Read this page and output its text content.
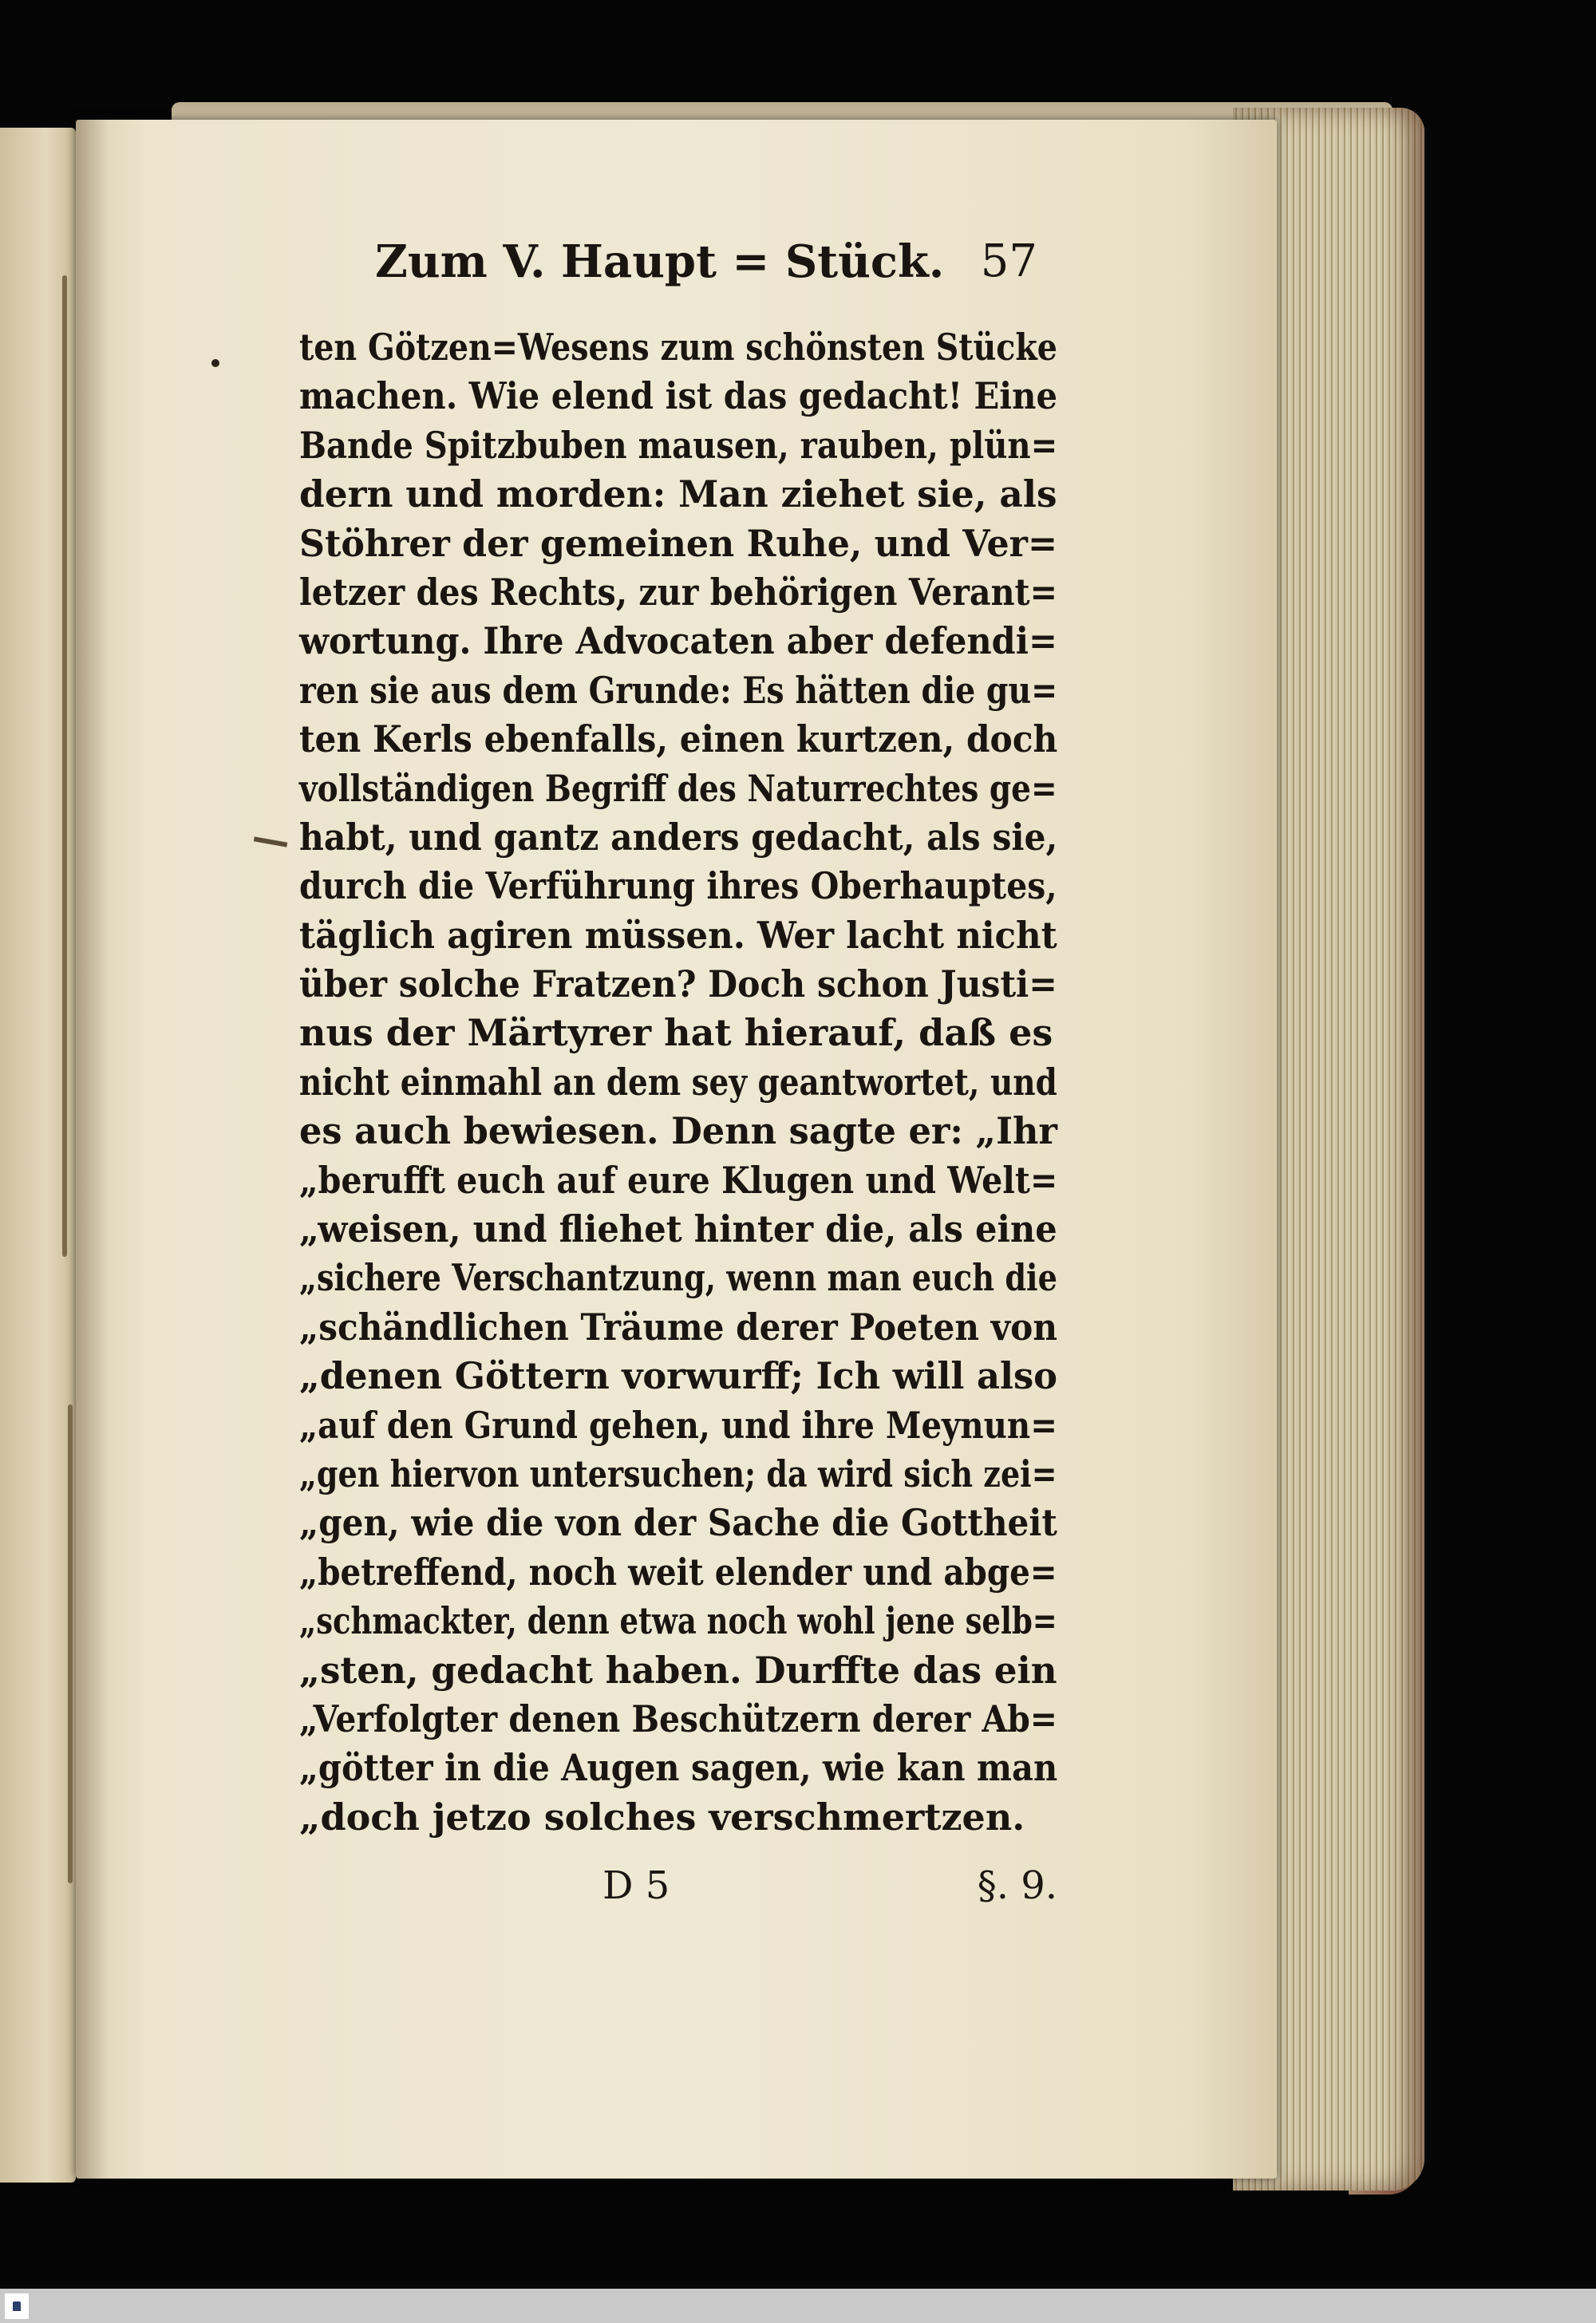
Zum V. Haupt = Stück. 57
ten Götzen=Wesens zum schönsten Stücke
machen. Wie elend ist das gedacht! Eine
Bande Spitzbuben mausen, rauben, plün=
dern und morden: Man ziehet sie, als
Stöhrer der gemeinen Ruhe, und Ver=
letzer des Rechts, zur behörigen Verant=
wortung. Ihre Advocaten aber defendi=
ren sie aus dem Grunde: Es hätten die gu=
ten Kerls ebenfalls, einen kurtzen, doch
vollständigen Begriff des Naturrechtes ge=
habt, und gantz anders gedacht, als sie,
durch die Verführung ihres Oberhauptes,
täglich agiren müssen. Wer lacht nicht
über solche Fratzen? Doch schon Justi=
nus der Märtyrer hat hierauf, daß es
nicht einmahl an dem sey geantwortet, und
es auch bewiesen. Denn sagte er: „Ihr
„berufft euch auf eure Klugen und Welt=
„weisen, und fliehet hinter die, als eine
„sichere Verschantzung, wenn man euch die
„schändlichen Träume derer Poeten von
„denen Göttern vorwurff; Ich will also
„auf den Grund gehen, und ihre Meynun=
„gen hiervon untersuchen; da wird sich zei=
„gen, wie die von der Sache die Gottheit
„betreffend, noch weit elender und abge=
„schmackter, denn etwa noch wohl jene selb=
„sten, gedacht haben. Durffte das ein
„Verfolgter denen Beschützern derer Ab=
„götter in die Augen sagen, wie kan man
„doch jetzo solches verschmertzen.
D 5	§. 9.
